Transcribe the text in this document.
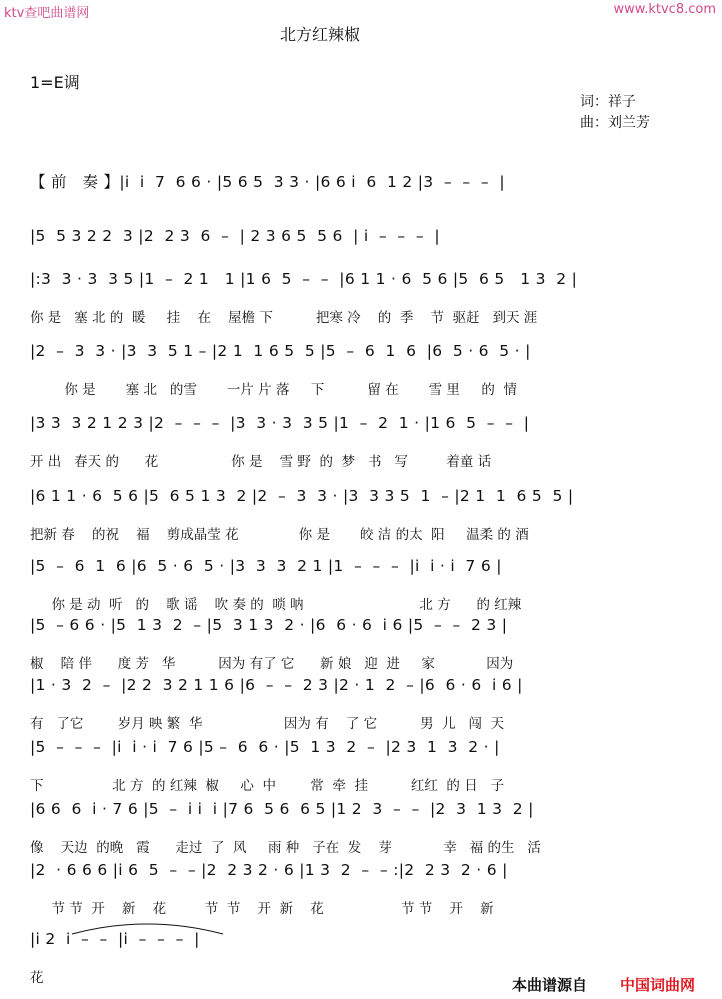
ktv查吧曲谱网	www.ktvc8.com
北方红辣椒
1=E调
词：祥子
曲：刘兰芳
【 前   奏 】|i  i  7  6 6 · |5 6 5  3 3 · |6 6 i  6  1 2 |3  –  –  –  |
|5  5 3 2 2  3 |2  2 3  6  –  | 2 3 6 5  5 6  | i  –  –  –  |
|:3  3 · 3  3 5 |1  –  2 1   1 |1 6  5  –  –  |6 1 1 · 6  5 6 |5  6 5   1 3  2 |
你 是   塞 北 的  暖     挂    在    屋檐 下          把寒 冷    的  季    节  驱赶   到天 涯
|2  –  3  3 · |3  3  5 1 – |2 1  1 6 5  5 |5  –  6  1  6  |6  5 · 6  5 · |
你 是       塞 北   的雪       一片 片 落     下          留 在       雪 里     的  情
|3 3  3 2 1 2 3 |2  –  –  –  |3  3 · 3  3 5 |1  –  2  1 · |1 6  5  –  –  |
开 出   春天 的      花                 你 是    雪 野  的  梦   书   写         着童 话
|6 1 1 · 6  5 6 |5  6 5 1 3  2 |2  –  3  3 · |3  3 3 5  1  – |2 1  1  6 5  5 |
把新 春    的祝    福    剪成晶莹 花              你 是       皎 洁 的太  阳     温柔 的 酒
|5  –  6  1  6 |6  5 · 6  5 · |3  3  3  2 1 |1  –  –  –  |i  i · i  7 6 |
你 是 动  听   的    歌 谣    吹 奏 的  唢 呐                           北 方      的 红辣
|5  – 6 6 · |5  1 3  2  – |5  3 1 3  2 · |6  6 · 6  i 6 |5  –  –  2 3 |
椒    陪 伴      度 芳   华          因为 有了 它      新 娘   迎  进     家            因为
|1 · 3  2  –  |2 2  3 2 1 1 6 |6  –  –  2 3 |2 · 1  2  – |6  6 · 6  i 6 |
有   了它        岁月 映 繁  华                   因为 有    了 它          男  儿   闯  天
|5  –  –  –  |i  i · i  7 6 |5 –  6  6 · |5  1 3  2  –  |2 3  1  3  2 · |
下                北 方  的 红辣  椒     心  中        常  牵  挂          红红  的 日   子
|6 6  6  i · 7 6 |5  –  i i  i |7 6  5 6  6 5 |1 2  3  –  –  |2  3  1 3  2 |
像    天边  的晚   霞      走过  了  风     雨 种   子在  发    芽            幸   福 的生   活
|2  · 6 6 6 |i 6  5  –  – |2  2 3 2 · 6 |1 3  2  –  – :|2  2 3  2 · 6 |
节 节  开    新    花         节  节    开  新    花                  节 节    开    新
|i 2  i  –  –  |i  –  –  –  |
花	本曲谱源自 中国词曲网
